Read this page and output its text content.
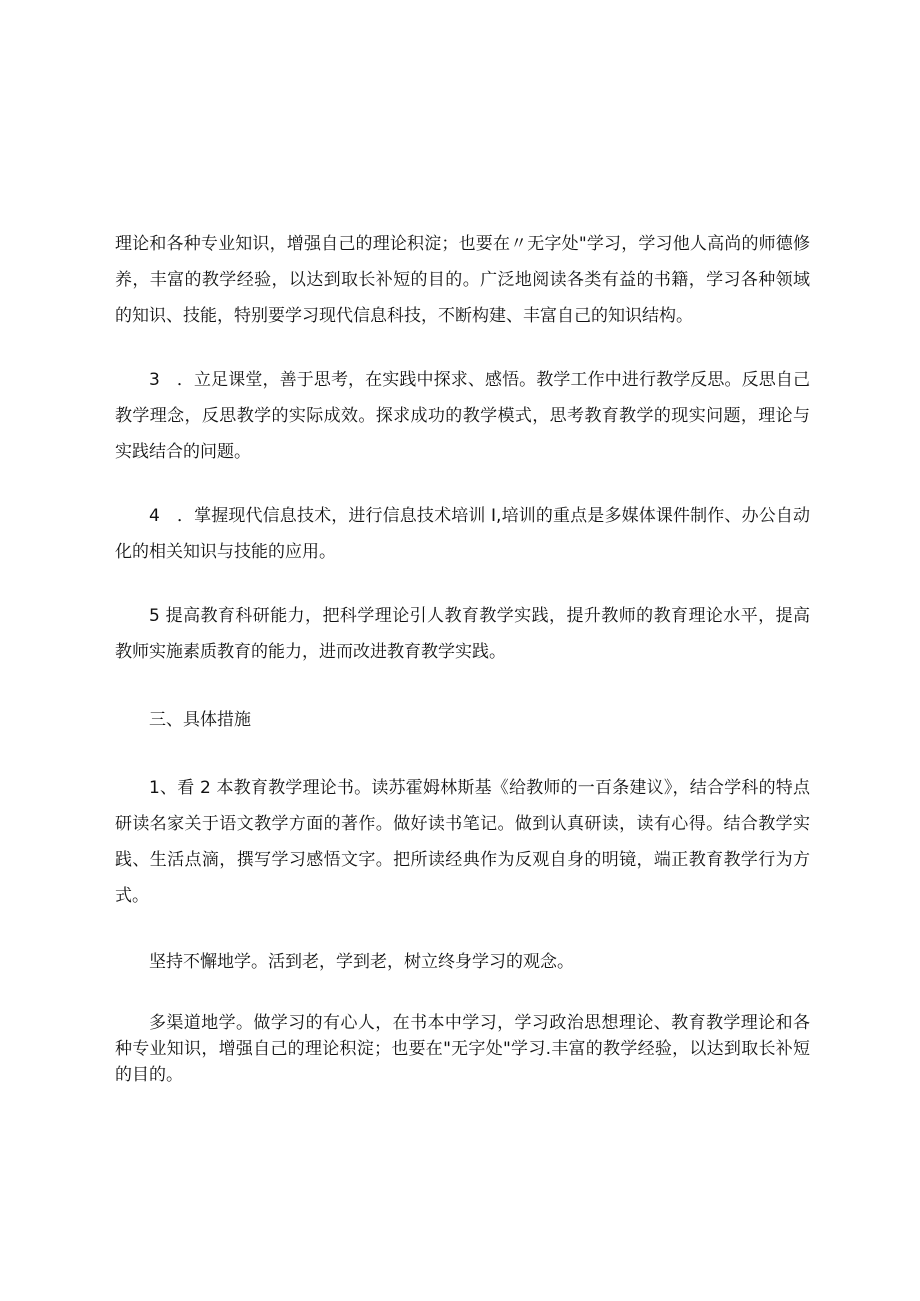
理论和各种专业知识，增强自己的理论积淀；也要在〃无字处"学习，学习他人高尚的师德修养，丰富的教学经验，以达到取长补短的目的。广泛地阅读各类有益的书籍，学习各种领域的知识、技能，特别要学习现代信息科技，不断构建、丰富自己的知识结构。

3 ．立足课堂，善于思考，在实践中探求、感悟。教学工作中进行教学反思。反思自己教学理念，反思教学的实际成效。探求成功的教学模式，思考教育教学的现实问题，理论与实践结合的问题。

4 ．掌握现代信息技术，进行信息技术培训 I,培训的重点是多媒体课件制作、办公自动化的相关知识与技能的应用。

5 提高教育科研能力，把科学理论引人教育教学实践，提升教师的教育理论水平，提高教师实施素质教育的能力，进而改进教育教学实践。

三、具体措施

1、看 2 本教育教学理论书。读苏霍姆林斯基《给教师的一百条建议》，结合学科的特点研读名家关于语文教学方面的著作。做好读书笔记。做到认真研读，读有心得。结合教学实践、生活点滴，撰写学习感悟文字。把所读经典作为反观自身的明镜，端正教育教学行为方式。

坚持不懈地学。活到老，学到老，树立终身学习的观念。

多渠道地学。做学习的有心人，在书本中学习，学习政治思想理论、教育教学理论和各种专业知识，增强自己的理论积淀；也要在"无字处"学习.丰富的教学经验，以达到取长补短的目的。
